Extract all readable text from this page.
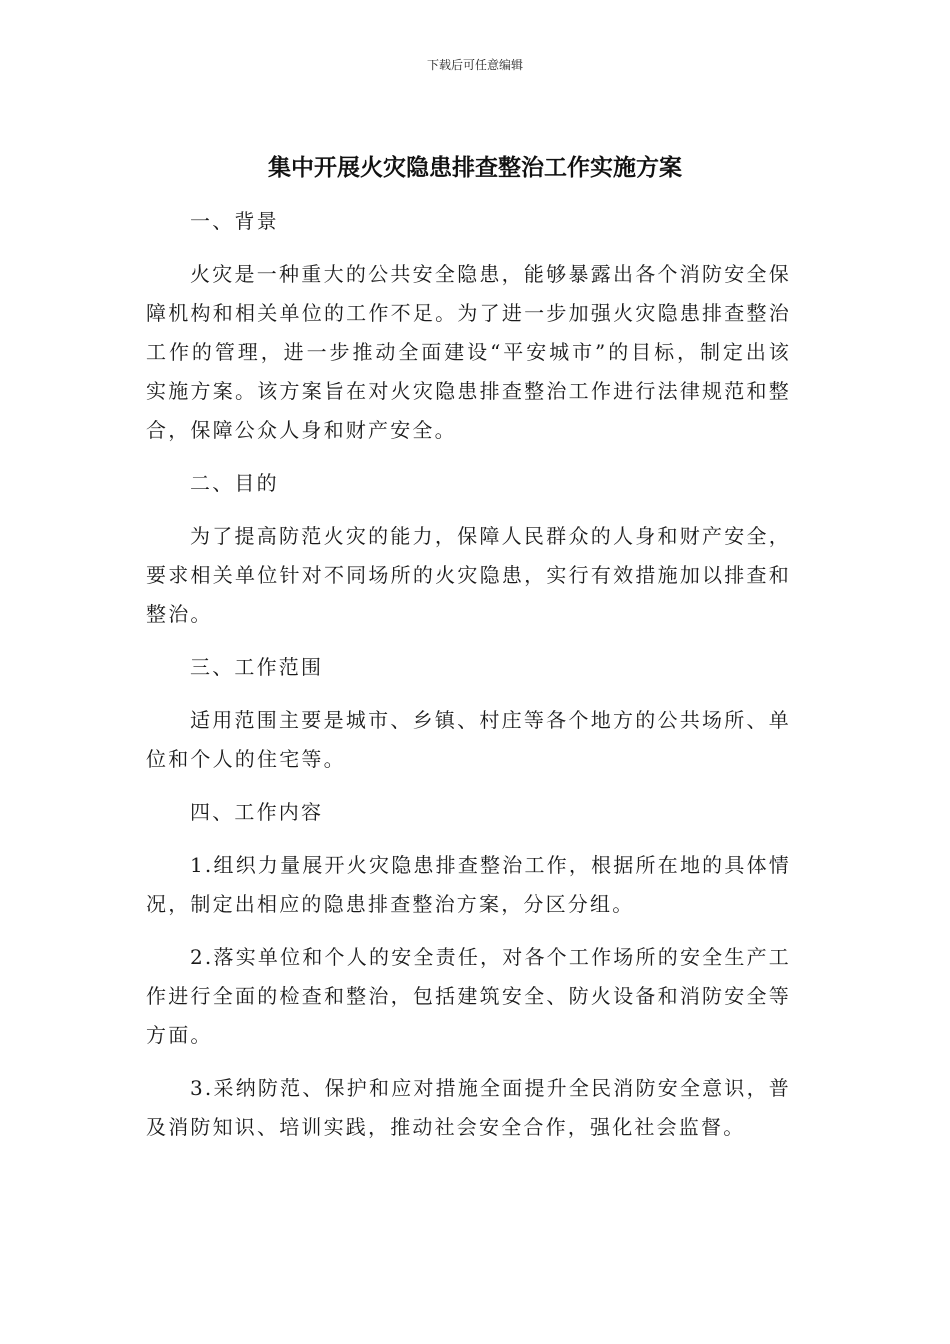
下载后可任意编辑
集中开展火灾隐患排查整治工作实施方案

一、背景

火灾是一种重大的公共安全隐患，能够暴露出各个消防安全保障机构和相关单位的工作不足。为了进一步加强火灾隐患排查整治工作的管理，进一步推动全面建设“平安城市”的目标，制定出该实施方案。该方案旨在对火灾隐患排查整治工作进行法律规范和整合，保障公众人身和财产安全。

二、目的

为了提高防范火灾的能力，保障人民群众的人身和财产安全，要求相关单位针对不同场所的火灾隐患，实行有效措施加以排查和整治。

三、工作范围

适用范围主要是城市、乡镇、村庄等各个地方的公共场所、单位和个人的住宅等。

四、工作内容

1.组织力量展开火灾隐患排查整治工作，根据所在地的具体情况，制定出相应的隐患排查整治方案，分区分组。

2.落实单位和个人的安全责任，对各个工作场所的安全生产工作进行全面的检查和整治，包括建筑安全、防火设备和消防安全等方面。

3.采纳防范、保护和应对措施全面提升全民消防安全意识，普及消防知识、培训实践，推动社会安全合作，强化社会监督。
